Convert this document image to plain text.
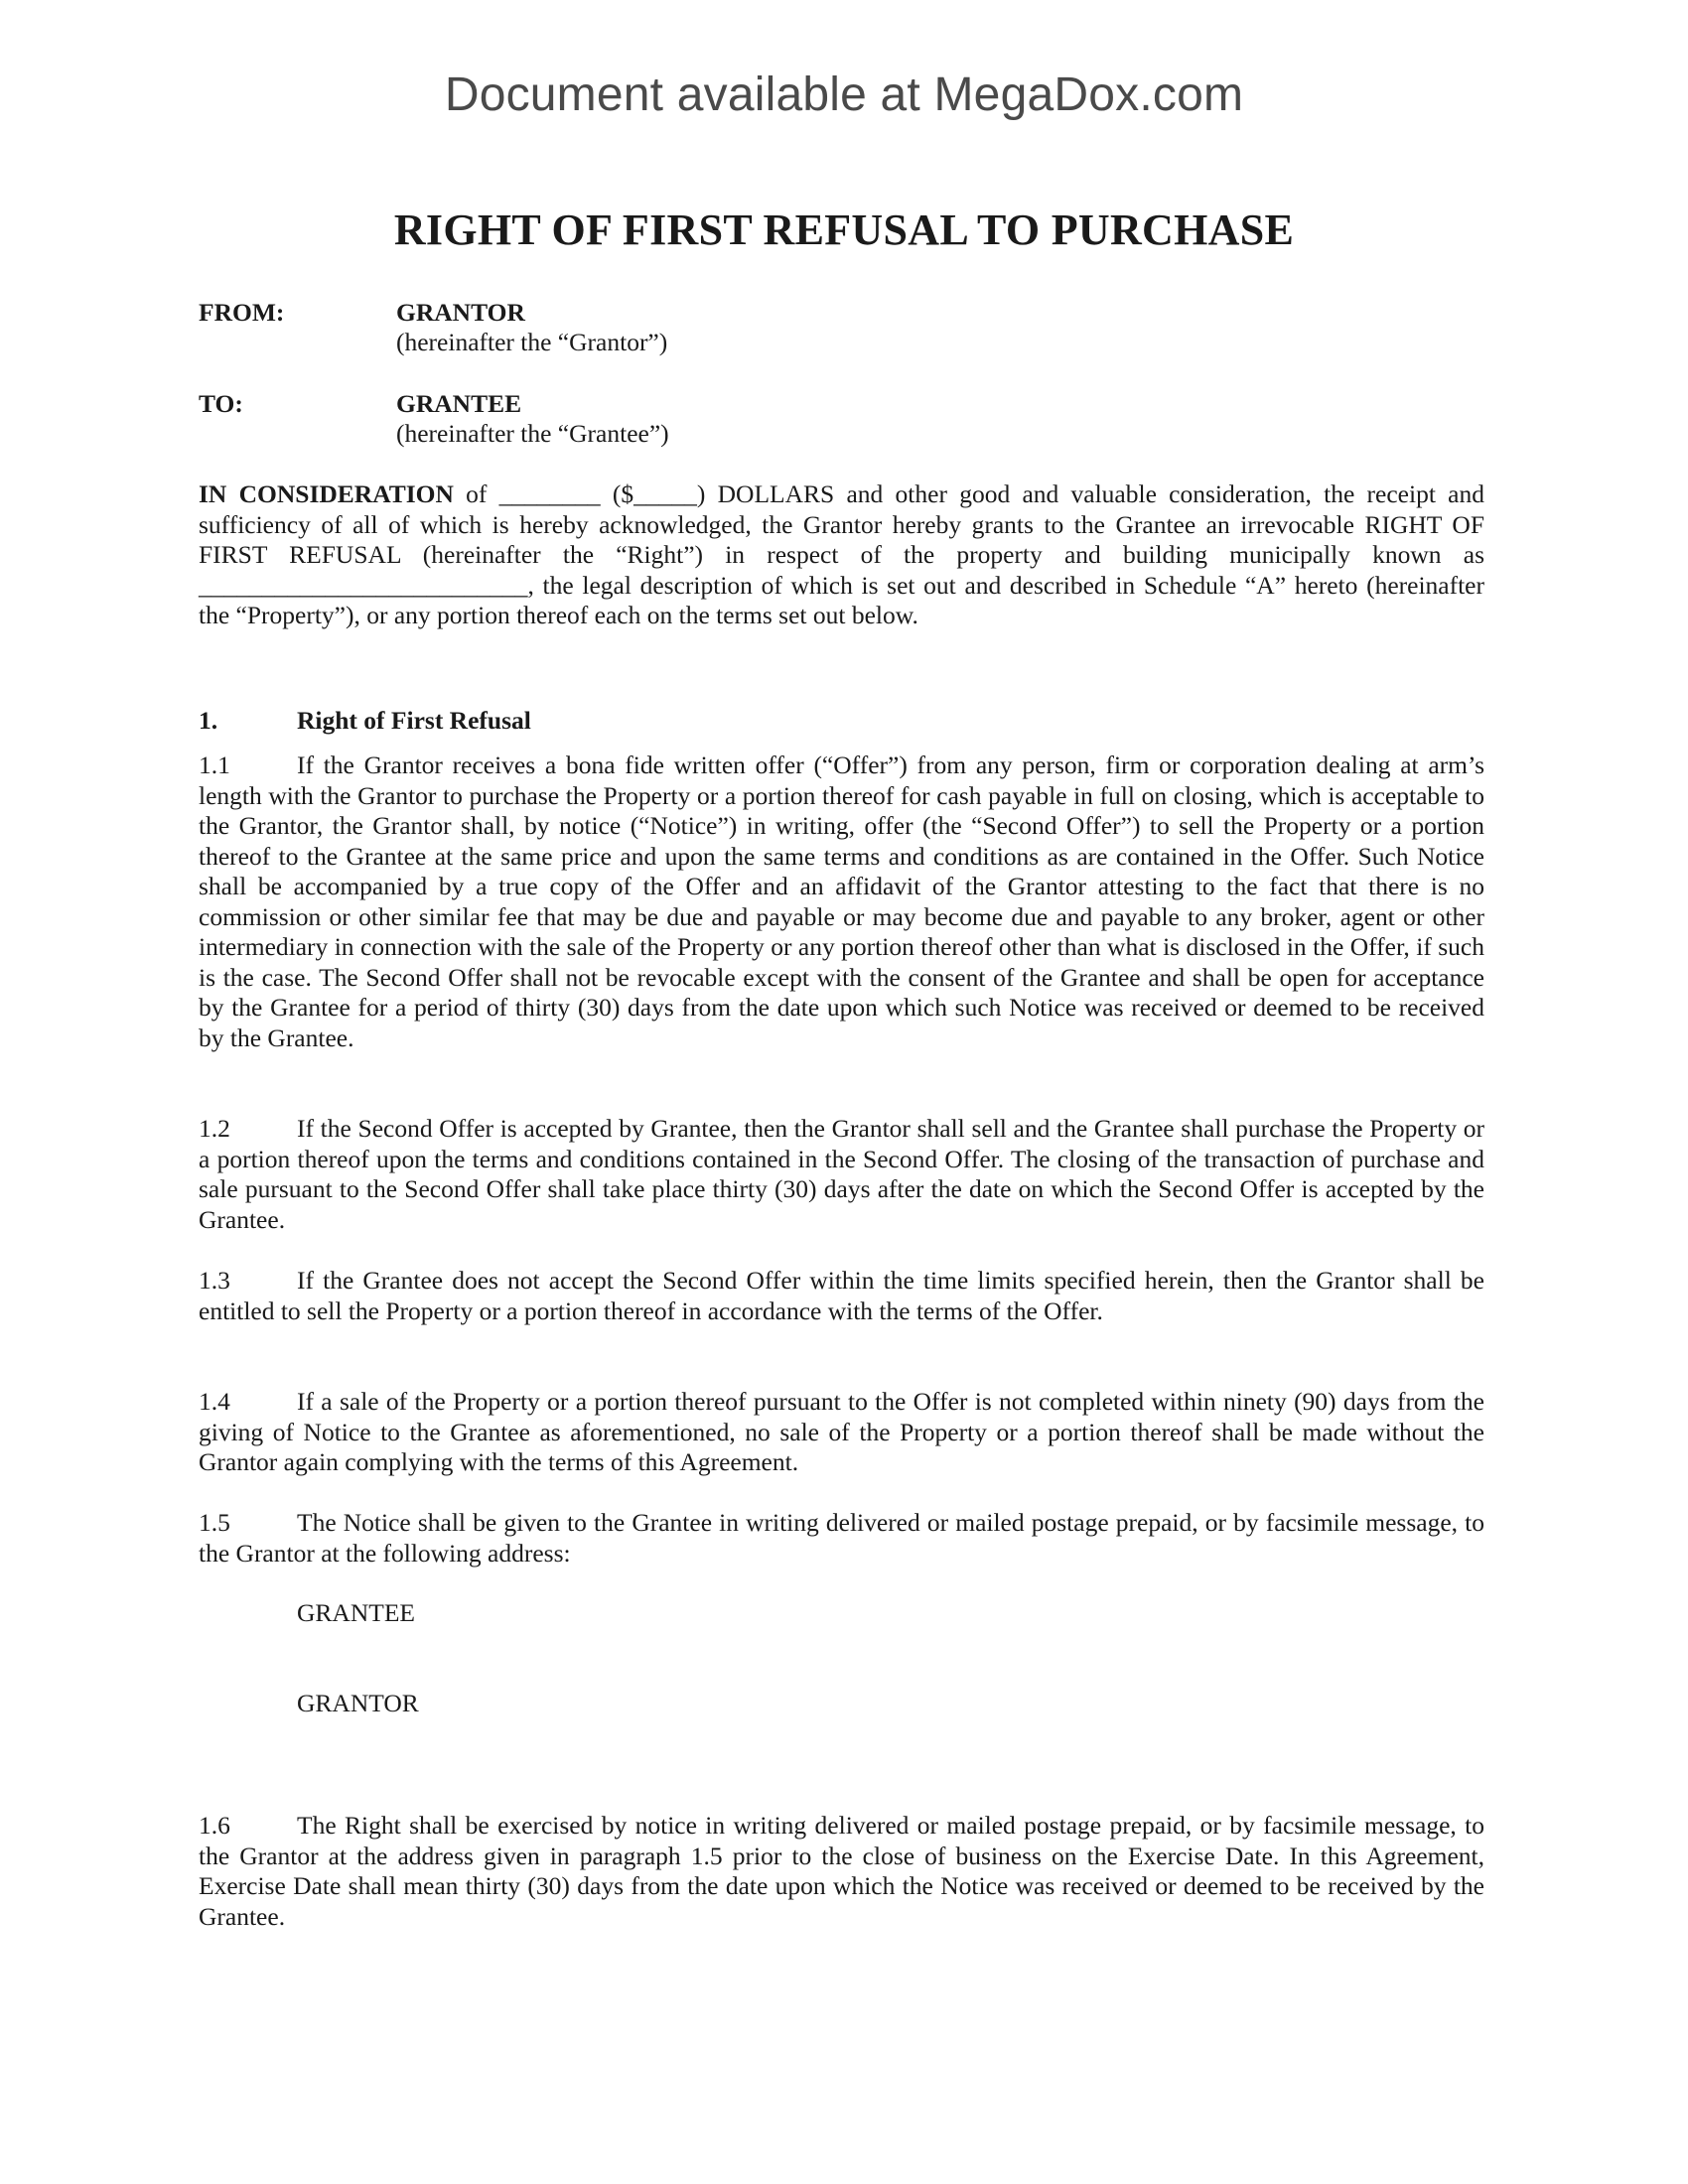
Document available at MegaDox.com
RIGHT OF FIRST REFUSAL TO PURCHASE
FROM:	GRANTOR
(hereinafter the “Grantor”)
TO:	GRANTEE
(hereinafter the “Grantee”)
IN CONSIDERATION of ________ ($_____) DOLLARS and other good and valuable consideration, the receipt and sufficiency of all of which is hereby acknowledged, the Grantor hereby grants to the Grantee an irrevocable RIGHT OF FIRST REFUSAL (hereinafter the “Right”) in respect of the property and building municipally known as __________________________, the legal description of which is set out and described in Schedule “A” hereto (hereinafter the “Property”), or any portion thereof each on the terms set out below.
1.	Right of First Refusal
1.1	If the Grantor receives a bona fide written offer (“Offer”) from any person, firm or corporation dealing at arm’s length with the Grantor to purchase the Property or a portion thereof for cash payable in full on closing, which is acceptable to the Grantor, the Grantor shall, by notice (“Notice”) in writing, offer (the “Second Offer”) to sell the Property or a portion thereof to the Grantee at the same price and upon the same terms and conditions as are contained in the Offer. Such Notice shall be accompanied by a true copy of the Offer and an affidavit of the Grantor attesting to the fact that there is no commission or other similar fee that may be due and payable or may become due and payable to any broker, agent or other intermediary in connection with the sale of the Property or any portion thereof other than what is disclosed in the Offer, if such is the case. The Second Offer shall not be revocable except with the consent of the Grantee and shall be open for acceptance by the Grantee for a period of thirty (30) days from the date upon which such Notice was received or deemed to be received by the Grantee.
1.2	If the Second Offer is accepted by Grantee, then the Grantor shall sell and the Grantee shall purchase the Property or a portion thereof upon the terms and conditions contained in the Second Offer. The closing of the transaction of purchase and sale pursuant to the Second Offer shall take place thirty (30) days after the date on which the Second Offer is accepted by the Grantee.
1.3	If the Grantee does not accept the Second Offer within the time limits specified herein, then the Grantor shall be entitled to sell the Property or a portion thereof in accordance with the terms of the Offer.
1.4	If a sale of the Property or a portion thereof pursuant to the Offer is not completed within ninety (90) days from the giving of Notice to the Grantee as aforementioned, no sale of the Property or a portion thereof shall be made without the Grantor again complying with the terms of this Agreement.
1.5	The Notice shall be given to the Grantee in writing delivered or mailed postage prepaid, or by facsimile message, to the Grantor at the following address:
GRANTEE
GRANTOR
1.6	The Right shall be exercised by notice in writing delivered or mailed postage prepaid, or by facsimile message, to the Grantor at the address given in paragraph 1.5 prior to the close of business on the Exercise Date. In this Agreement, Exercise Date shall mean thirty (30) days from the date upon which the Notice was received or deemed to be received by the Grantee.
